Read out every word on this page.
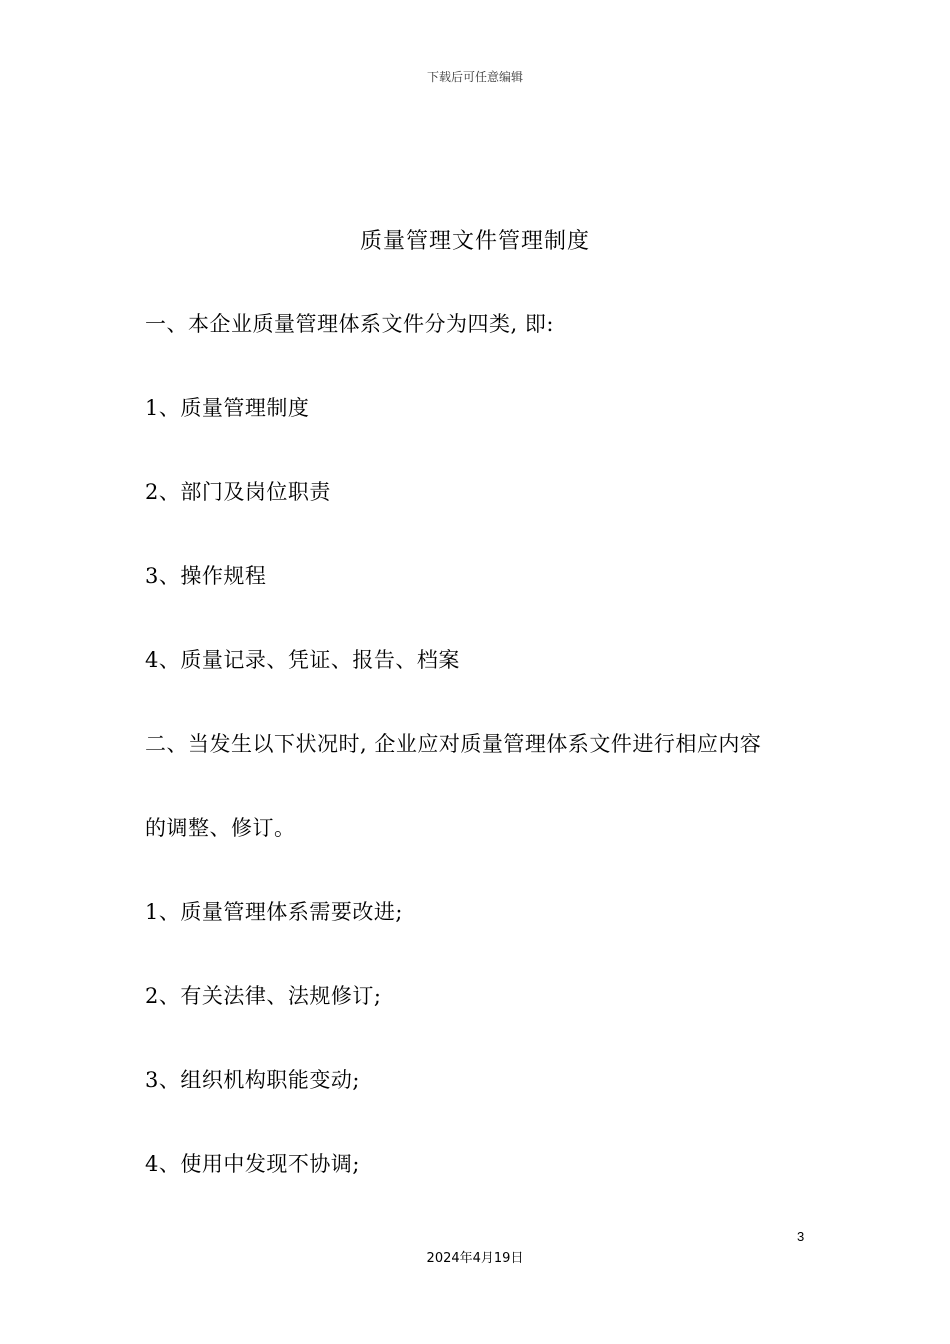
下载后可任意编辑
质量管理文件管理制度
一、本企业质量管理体系文件分为四类, 即:
1、质量管理制度
2、部门及岗位职责
3、操作规程
4、质量记录、凭证、报告、档案
二、当发生以下状况时, 企业应对质量管理体系文件进行相应内容
的调整、修订。
1、质量管理体系需要改进;
2、有关法律、法规修订;
3、组织机构职能变动;
4、使用中发现不协调;
3
2024年4月19日
